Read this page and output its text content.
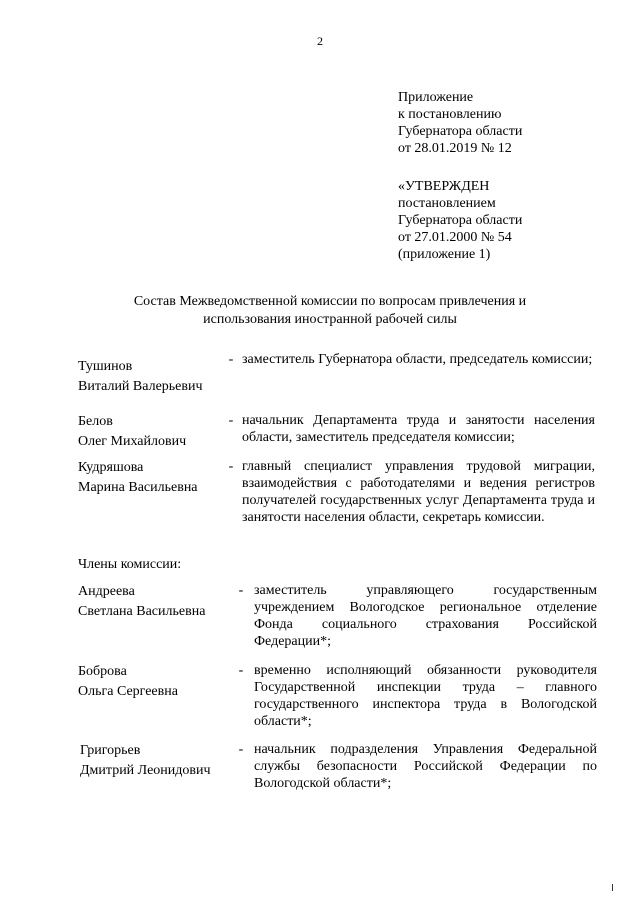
2
Приложение
к постановлению
Губернатора области
от 28.01.2019 № 12
«УТВЕРЖДЕН
постановлением
Губернатора области
от 27.01.2000 № 54
(приложение 1)
Состав Межведомственной комиссии по вопросам привлечения и
использования иностранной рабочей силы
Тушинов
Виталий Валерьевич
- заместитель Губернатора области, председатель комиссии;
Белов
Олег Михайлович
- начальник Департамента труда и занятости населения области, заместитель председателя комиссии;
Кудряшова
Марина Васильевна
- главный специалист управления трудовой миграции, взаимодействия с работодателями и ведения регистров получателей государственных услуг Департамента труда и занятости населения области, секретарь комиссии.
Члены комиссии:
Андреева
Светлана Васильевна
- заместитель управляющего государственным учреждением Вологодское региональное отделение Фонда социального страхования Российской Федерации*;
Боброва
Ольга Сергеевна
- временно исполняющий обязанности руководителя Государственной инспекции труда – главного государственного инспектора труда в Вологодской области*;
Григорьев
Дмитрий Леонидович
- начальник подразделения Управления Федеральной службы безопасности Российской Федерации по Вологодской области*;
